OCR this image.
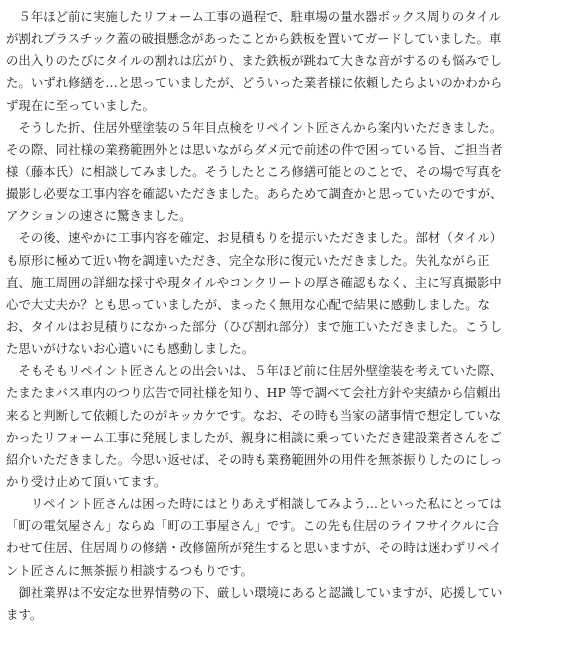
　５年ほど前に実施したリフォーム工事の過程で、駐車場の量水器ボックス周りのタイル
が割れプラスチック蓋の破損懸念があったことから鉄板を置いてガードしていました。車
の出入りのたびにタイルの割れは広がり、また鉄板が跳ねて大きな音がするのも悩みでし
た。いずれ修繕を…と思っていましたが、どういった業者様に依頼したらよいのかわから
ず現在に至っていました。
　そうした折、住居外壁塗装の５年目点検をリペイント匠さんから案内いただきました。
その際、同社様の業務範囲外とは思いながらダメ元で前述の件で困っている旨、ご担当者
様（藤本氏）に相談してみました。そうしたところ修繕可能とのことで、その場で写真を
撮影し必要な工事内容を確認いただきました。あらためて調査かと思っていたのですが、
アクションの速さに驚きました。
　その後、速やかに工事内容を確定、お見積もりを提示いただきました。部材（タイル）
も原形に極めて近い物を調達いただき、完全な形に復元いただきました。失礼ながら正
直、施工周囲の詳細な採寸や現タイルやコンクリートの厚さ確認もなく、主に写真撮影中
心で大丈夫か？とも思っていましたが、まったく無用な心配で結果に感動しました。な
お、タイルはお見積りになかった部分（ひび割れ部分）まで施工いただきました。こうし
た思いがけないお心遣いにも感動しました。
　そもそもリペイント匠さんとの出会いは、５年ほど前に住居外壁塗装を考えていた際、
たまたまバス車内のつり広告で同社様を知り、HP 等で調べて会社方針や実績から信頼出
来ると判断して依頼したのがキッカケです。なお、その時も当家の諸事情で想定していな
かったリフォーム工事に発展しましたが、親身に相談に乗っていただき建設業者さんをご
紹介いただきました。今思い返せば、その時も業務範囲外の用件を無茶振りしたのにしっ
かり受け止めて頂いてます。
　　リペイント匠さんは困った時にはとりあえず相談してみよう…といった私にとっては
「町の電気屋さん」ならぬ「町の工事屋さん」です。この先も住居のライフサイクルに合
わせて住居、住居周りの修繕・改修箇所が発生すると思いますが、その時は迷わずリペイ
ント匠さんに無茶振り相談するつもりです。
　御社業界は不安定な世界情勢の下、厳しい環境にあると認識していますが、応援してい
ます。
